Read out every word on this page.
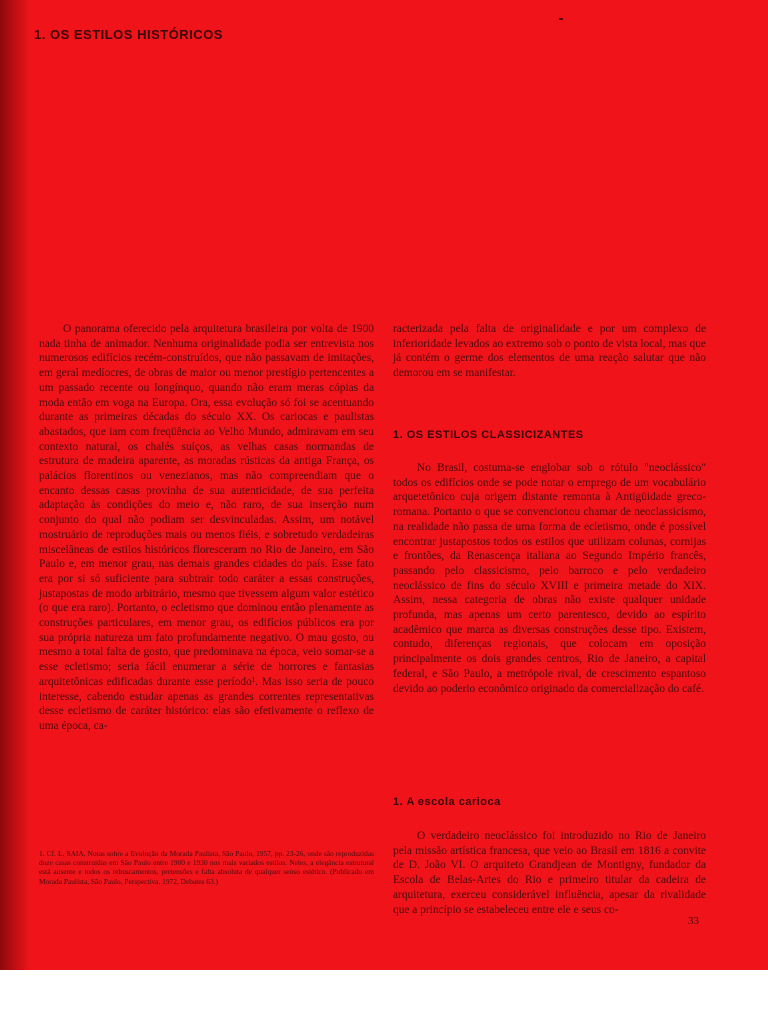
1. OS ESTILOS HISTÓRICOS

O panorama oferecido pela arquitetura brasileira por volta de 1900 nada tinha de animador. Nenhuma originalidade podia ser entrevista nos numerosos edifícios recém-construídos, que não passavam de imitações, em geral medíocres, de obras de maior ou menor prestígio pertencentes a um passado recente ou longínquo, quando não eram meras cópias da moda então em voga na Europa. Ora, essa evolução só foi se acentuando durante as primeiras décadas do século XX. Os cariocas e paulistas abastados, que iam com freqüência ao Velho Mundo, admiravam em seu contexto natural, os chalés suíços, as velhas casas normandas de estrutura de madeira aparente, as moradas rústicas da antiga França, os palácios florentinos ou venezianos, mas não compreendiam que o encanto dessas casas provinha de sua autenticidade, de sua perfeita adaptação às condições do meio e, não raro, de sua inserção num conjunto do qual não podiam ser desvinculadas. Assim, um notável mostruário de reproduções mais ou menos fiéis, e sobretudo verdadeiras miscelâneas de estilos históricos floresceram no Rio de Janeiro, em São Paulo e, em menor grau, nas demais grandes cidades do país. Esse fato era por si só suficiente para subtrair todo caráter a essas construções, justapostas de modo arbitrário, mesmo que tivessem algum valor estético (o que era raro). Portanto, o ecletismo que dominou então plenamente as construções particulares, em menor grau, os edifícios públicos era por sua própria natureza um fato profundamente negativo. O mau gosto, ou mesmo a total falta de gosto, que predominava na época, veio somar-se a esse ecletismo; seria fácil enumerar a série de horrores e fantasias arquitetônicas edificadas durante esse período¹. Mas isso seria de pouco interesse, cabendo estudar apenas as grandes correntes representativas desse ecletismo de caráter histórico: elas são efetivamente o reflexo de uma época, ca-

1. Cf. L. SAIA, Notas sobre a Evolução da Morada Paulista, São Paulo, 1957, pp. 23-26, onde são reproduzidas doze casas construídas em São Paulo entre 1900 e 1930 nos mais variados estilos. Neles, a elegância estrutural está ausente e todos os rebuscamentos, pretensões e falta absoluta de qualquer senso estético. (Publicado em Morada Paulista, São Paulo, Perspectiva, 1972, Debates 63.)

racterizada pela falta de originalidade e por um complexo de inferioridade levados ao extremo sob o ponto de vista local, mas que já contém o germe dos elementos de uma reação salutar que não demorou em se manifestar.

1. OS ESTILOS CLASSICIZANTES

No Brasil, costuma-se englobar sob o rótulo "neoclássico" todos os edifícios onde se pode notar o emprego de um vocabulário arquetetônico cuja origem distante remonta à Antigüidade greco-romana. Portanto o que se convencionou chamar de neoclassicismo, na realidade não passa de uma forma de ecletismo, onde é possível encontrar justapostos todos os estilos que utilizam colunas, cornijas e frontões, da Renascença italiana ao Segundo Império francês, passando pelo classicismo, pelo barroco e pelo verdadeiro neoclássico de fins do século XVIII e primeira metade do XIX. Assim, nessa categoria de obras não existe qualquer unidade profunda, mas apenas um certo parentesco, devido ao espírito acadêmico que marca as diversas construções desse tipo. Existem, contudo, diferenças regionais, que colocam em oposição principalmente os dois grandes centros, Rio de Janeiro, a capital federal, e São Paulo, a metrópole rival, de crescimento espantoso devido ao poderio econômico originado da comercialização do café.

1. A escola carioca

O verdadeiro neoclássico foi introduzido no Rio de Janeiro pela missão artística francesa, que veio ao Brasil em 1816 a convite de D. João VI. O arquiteto Grandjean de Montigny, fundador da Escola de Belas-Artes do Rio e primeiro titular da cadeira de arquitetura, exerceu considerável influência, apesar da rivalidade que a princípio se estabeleceu entre ele e seus co-

33
